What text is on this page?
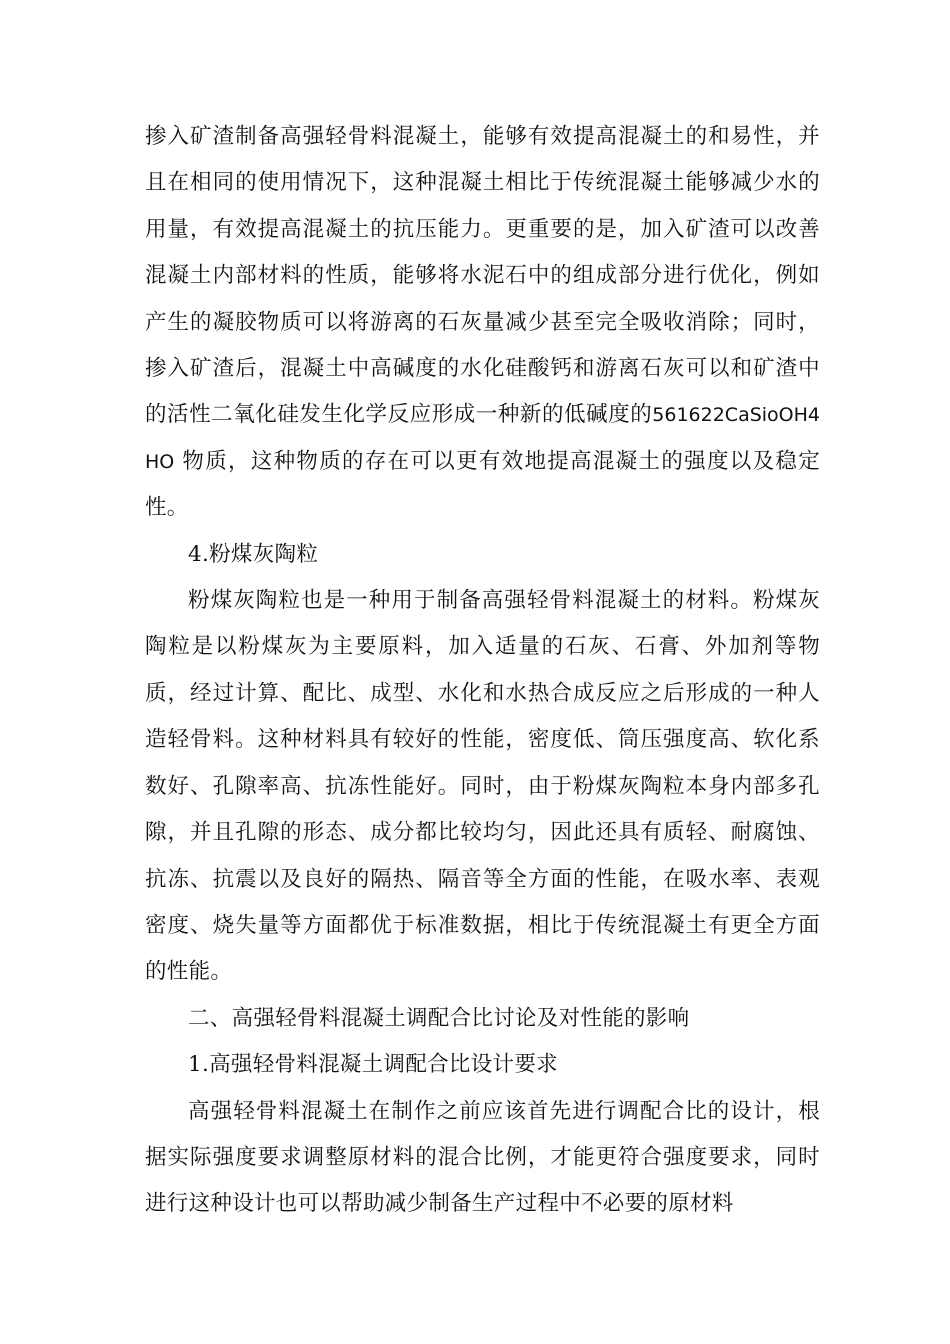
掺入矿渣制备高强轻骨料混凝土，能够有效提高混凝土的和易性，并且在相同的使用情况下，这种混凝土相比于传统混凝土能够减少水的用量，有效提高混凝土的抗压能力。更重要的是，加入矿渣可以改善混凝土内部材料的性质，能够将水泥石中的组成部分进行优化，例如产生的凝胶物质可以将游离的石灰量减少甚至完全吸收消除；同时，掺入矿渣后，混凝土中高碱度的水化硅酸钙和游离石灰可以和矿渣中的活性二氧化硅发生化学反应形成一种新的低碱度的561622CaSioOH4HO 物质，这种物质的存在可以更有效地提高混凝土的强度以及稳定性。

4.粉煤灰陶粒

粉煤灰陶粒也是一种用于制备高强轻骨料混凝土的材料。粉煤灰陶粒是以粉煤灰为主要原料，加入适量的石灰、石膏、外加剂等物质，经过计算、配比、成型、水化和水热合成反应之后形成的一种人造轻骨料。这种材料具有较好的性能，密度低、筒压强度高、软化系数好、孔隙率高、抗冻性能好。同时，由于粉煤灰陶粒本身内部多孔隙，并且孔隙的形态、成分都比较均匀，因此还具有质轻、耐腐蚀、抗冻、抗震以及良好的隔热、隔音等全方面的性能，在吸水率、表观密度、烧失量等方面都优于标准数据，相比于传统混凝土有更全方面的性能。

二、高强轻骨料混凝土调配合比讨论及对性能的影响

1.高强轻骨料混凝土调配合比设计要求

高强轻骨料混凝土在制作之前应该首先进行调配合比的设计，根据实际强度要求调整原材料的混合比例，才能更符合强度要求，同时进行这种设计也可以帮助减少制备生产过程中不必要的原材料
